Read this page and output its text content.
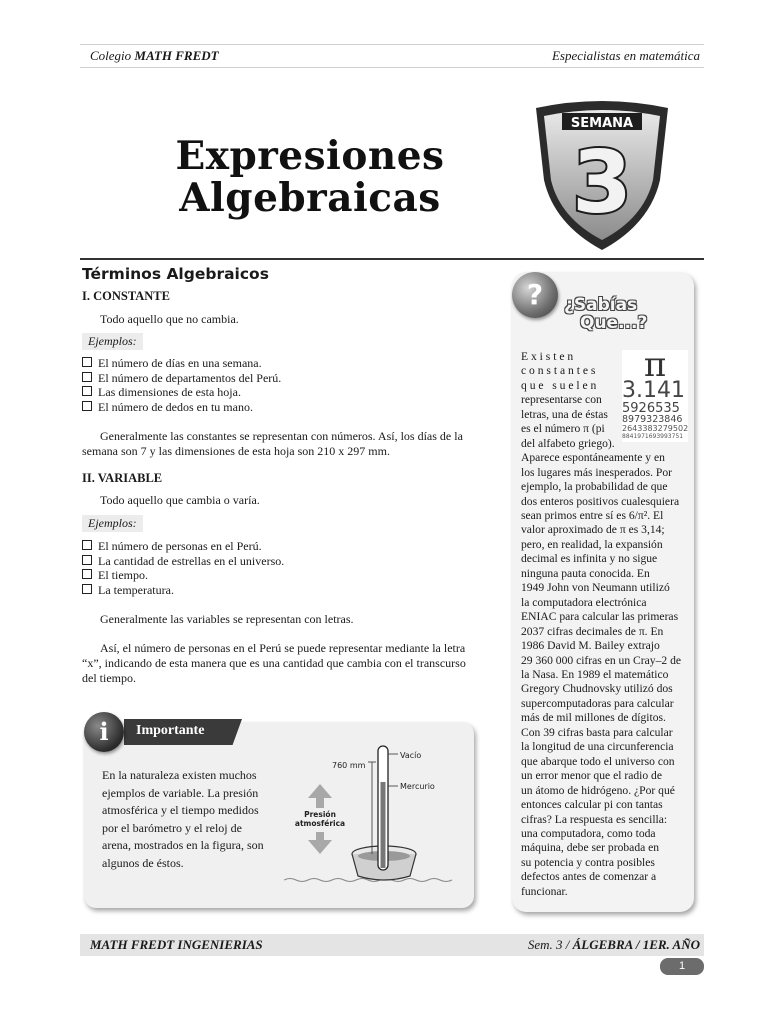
Colegio MATH FREDT	Especialistas en matemática
Expresiones
Algebraicas
SEMANA
3
Términos Algebraicos
I. CONSTANTE
Todo aquello que no cambia.
Ejemplos:
El número de días en una semana.
El número de departamentos del Perú.
Las dimensiones de esta hoja.
El número de dedos en tu mano.
Generalmente las constantes se representan con números. Así, los días de la
semana son 7 y las dimensiones de esta hoja son 210 x 297 mm.
II. VARIABLE
Todo aquello que cambia o varía.
Ejemplos:
El número de personas en el Perú.
La cantidad de estrellas en el universo.
El tiempo.
La temperatura.
Generalmente las variables se representan con letras.
Así, el número de personas en el Perú se puede representar mediante la letra
“x”, indicando de esta manera que es una cantidad que cambia con el transcurso
del tiempo.
Importante
i
En la naturaleza existen muchos
ejemplos de variable. La presión
atmosférica y el tiempo medidos
por el barómetro y el reloj de
arena, mostrados en la figura, son
algunos de éstos.
Vacío
760 mm
Mercurio
Presión
atmosférica
?	¿Sabías
Que...?
π
3.141
5926535
8979323846
2643383279502
8841971693993751
E x i s t e n
c o n s t a n t e s
q u e   s u e l e n
representarse con
letras, una de éstas
es el número π (pi
del alfabeto griego).
Aparece espontáneamente y en
los lugares más inesperados. Por
ejemplo, la probabilidad de que
dos enteros positivos cualesquiera
sean primos entre sí es 6/π². El
valor aproximado de π es 3,14;
pero, en realidad, la expansión
decimal es infinita y no sigue
ninguna pauta conocida. En
1949 John von Neumann utilizó
la computadora electrónica
ENIAC para calcular las primeras
2037 cifras decimales de π. En
1986 David M. Bailey extrajo
29 360 000 cifras en un Cray–2 de
la Nasa. En 1989 el matemático
Gregory Chudnovsky utilizó dos
supercomputadoras para calcular
más de mil millones de dígitos.
Con 39 cifras basta para calcular
la longitud de una circunferencia
que abarque todo el universo con
un error menor que el radio de
un átomo de hidrógeno. ¿Por qué
entonces calcular pi con tantas
cifras? La respuesta es sencilla:
una computadora, como toda
máquina, debe ser probada en
su potencia y contra posibles
defectos antes de comenzar a
funcionar.
MATH FREDT INGENIERIAS	Sem. 3 / ÁLGEBRA / 1ER. AÑO
1
